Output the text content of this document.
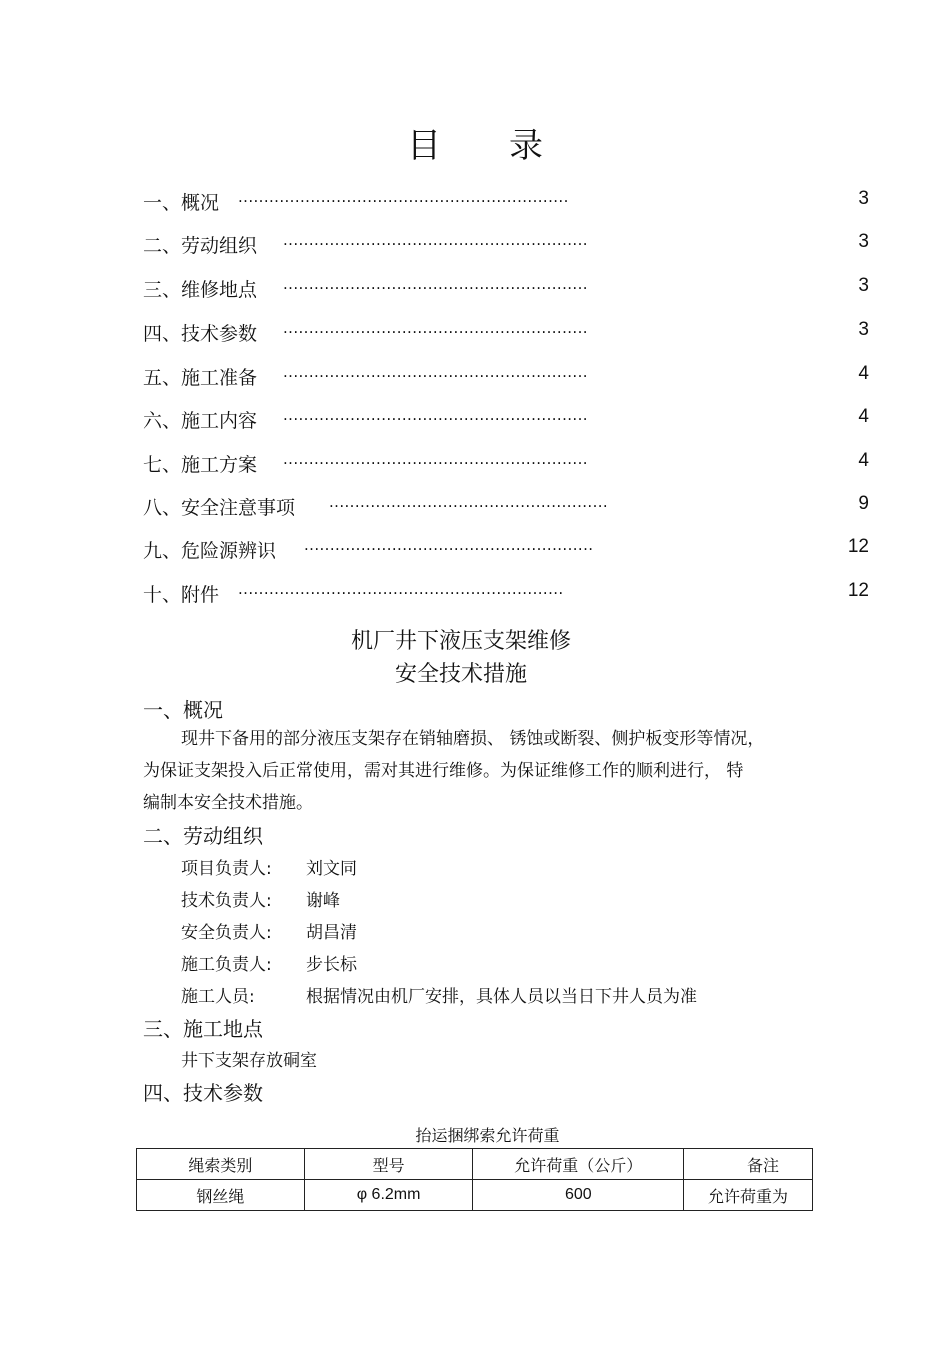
目 录
一、概况 ................................................................	3
二、劳动组织 ...........................................................	3
三、维修地点 ...........................................................	3
四、技术参数 ...........................................................	3
五、施工准备 ...........................................................	4
六、施工内容 ...........................................................	4
七、施工方案 ...........................................................	4
八、安全注意事项 ......................................................	9
九、危险源辨识 ........................................................	12
十、附件 ...............................................................	12
机厂井下液压支架维修
安全技术措施
一、概况
现井下备用的部分液压支架存在销轴磨损、 锈蚀或断裂、侧护板变形等情况，
为保证支架投入后正常使用，需对其进行维修。为保证维修工作的顺利进行， 特
编制本安全技术措施。
二、劳动组织
项目负责人: 刘文同
技术负责人: 谢峰
安全负责人: 胡昌清
施工负责人: 步长标
施工人员:	根据情况由机厂安排，具体人员以当日下井人员为准
三、施工地点
井下支架存放硐室
四、技术参数
抬运捆绑索允许荷重
绳索类别	型号	允许荷重（公斤）	备注
钢丝绳	φ 6.2mm	600	允许荷重为
